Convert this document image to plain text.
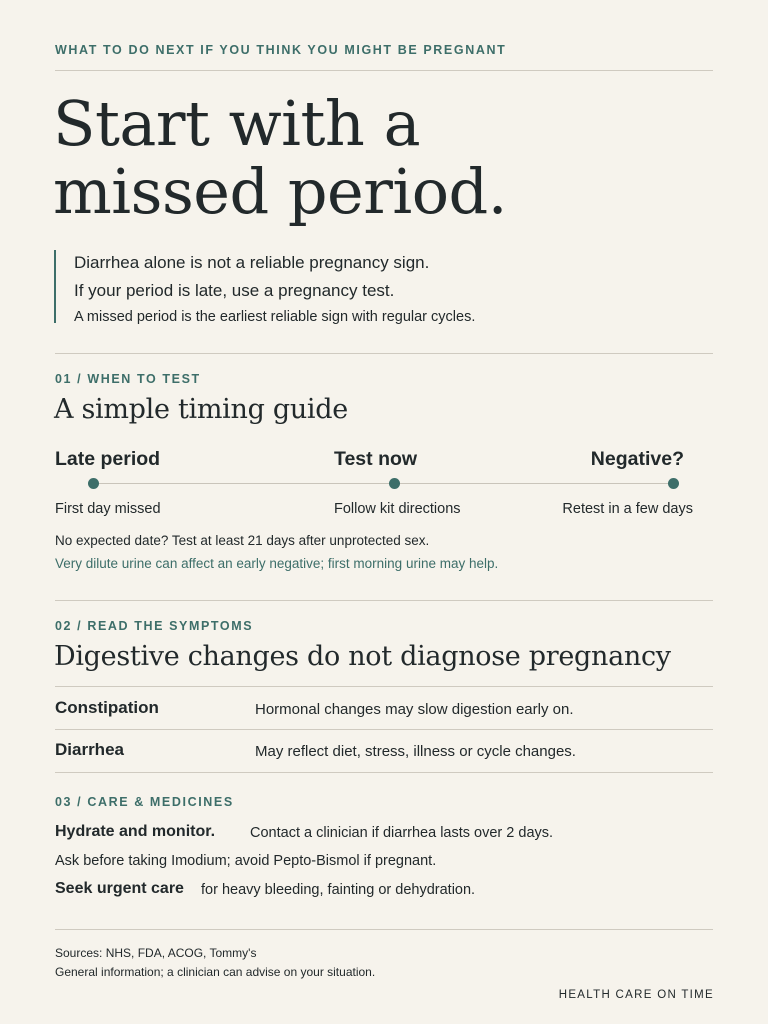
WHAT TO DO NEXT IF YOU THINK YOU MIGHT BE PREGNANT
Start with a
missed period.
Diarrhea alone is not a reliable pregnancy sign.
If your period is late, use a pregnancy test.
A missed period is the earliest reliable sign with regular cycles.
01 / WHEN TO TEST
A simple timing guide
Late period	Test now	Negative?
First day missed	Follow kit directions	Retest in a few days
No expected date? Test at least 21 days after unprotected sex.
Very dilute urine can affect an early negative; first morning urine may help.
02 / READ THE SYMPTOMS
Digestive changes do not diagnose pregnancy
Constipation	Hormonal changes may slow digestion early on.
Diarrhea	May reflect diet, stress, illness or cycle changes.
03 / CARE & MEDICINES
Hydrate and monitor. Contact a clinician if diarrhea lasts over 2 days.
Ask before taking Imodium; avoid Pepto-Bismol if pregnant.
Seek urgent care for heavy bleeding, fainting or dehydration.
Sources: NHS, FDA, ACOG, Tommy's
General information; a clinician can advise on your situation.
HEALTH CARE ON TIME
